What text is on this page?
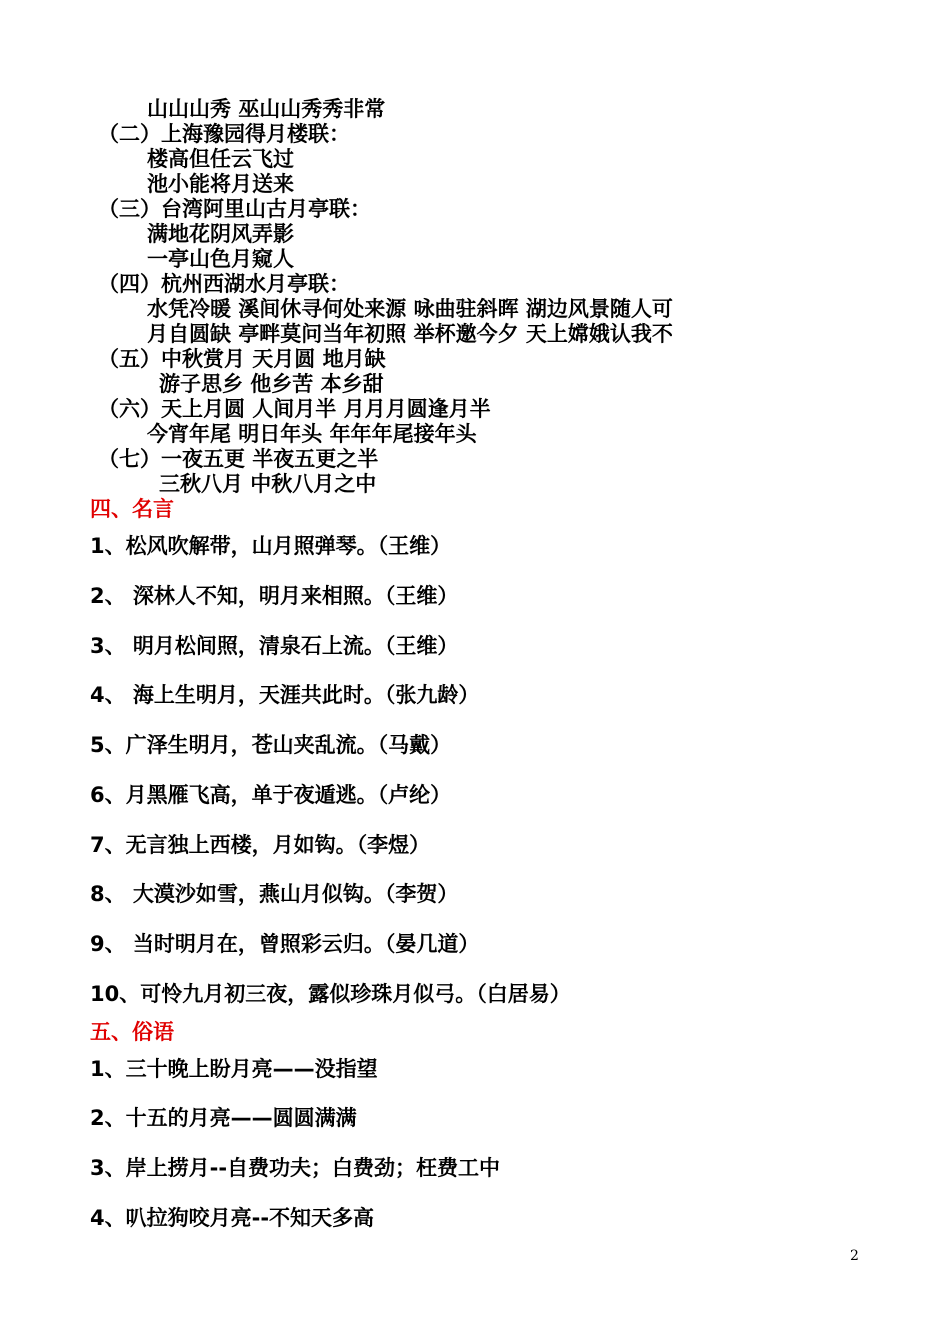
山山山秀 巫山山秀秀非常
（二）上海豫园得月楼联：
楼高但任云飞过
池小能将月送来
（三）台湾阿里山古月亭联：
满地花阴风弄影
一亭山色月窥人
（四）杭州西湖水月亭联：
水凭冷暖 溪间休寻何处来源 咏曲驻斜晖 湖边风景随人可
月自圆缺 亭畔莫问当年初照 举杯邀今夕 天上嫦娥认我不
（五）中秋赏月 天月圆 地月缺
游子思乡 他乡苦 本乡甜
（六）天上月圆 人间月半 月月月圆逢月半
今宵年尾 明日年头 年年年尾接年头
（七）一夜五更 半夜五更之半
三秋八月 中秋八月之中
四、名言
1、松风吹解带，山月照弹琴。（王维）
2、 深林人不知，明月来相照。（王维）
3、 明月松间照，清泉石上流。（王维）
4、 海上生明月，天涯共此时。（张九龄）
5、广泽生明月，苍山夹乱流。（马戴）
6、月黑雁飞高，单于夜遁逃。（卢纶）
7、无言独上西楼，月如钩。（李煜）
8、 大漠沙如雪，燕山月似钩。（李贺）
9、 当时明月在，曾照彩云归。（晏几道）
10、可怜九月初三夜，露似珍珠月似弓。（白居易）
五、俗语
1、三十晚上盼月亮——没指望
2、十五的月亮——圆圆满满
3、岸上捞月--自费功夫；白费劲；枉费工中
4、叭拉狗咬月亮--不知天多高
2
